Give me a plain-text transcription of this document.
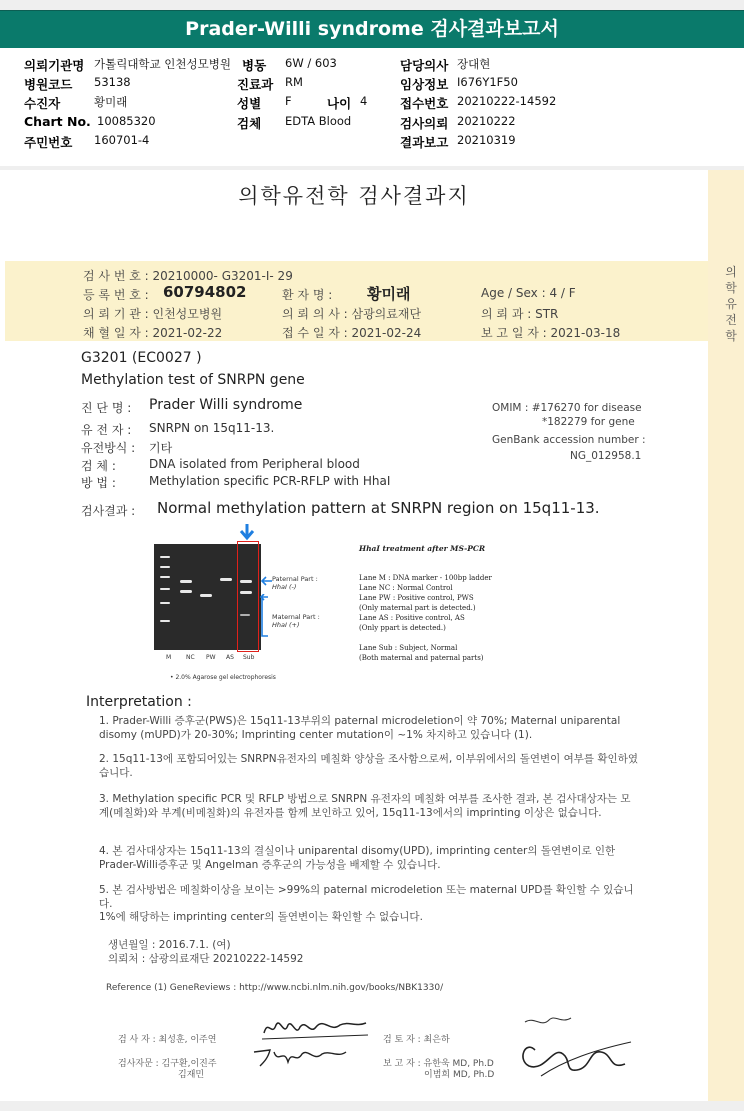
Prader-Willi syndrome 검사결과보고서
의뢰기관명 가톨릭대학교 인천성모병원 병동 6W / 603	담당의사 장대현
병원코드 53138	진료과 RM	임상정보 I676Y1F50
수진자	황미래	성별 F	나이 4	접수번호 20210222-14592
Chart No. 10085320	검체 EDTA Blood	검사의뢰 20210222
주민번호 160701-4	결과보고 20210319
의학유전학 검사결과지
검 사 번 호 : 20210000- G3201-I- 29
등 록 번 호 : 60794802	환 자 명 : 황미래	Age / Sex : 4 / F
의 뢰 기 관 : 인천성모병원	의 뢰 의 사 : 삼광의료재단	의 뢰 과 : STR
채 혈 일 자 : 2021-02-22	접 수 일 자 : 2021-02-24	보 고 일 자 : 2021-03-18
의
학
유
전
학
G3201 (EC0027 )
Methylation test of SNRPN gene
진 단 명 : Prader Willi syndrome
유 전 자 : SNRPN on 15q11-13.
유전방식 : 기타
검 체 :	DNA isolated from Peripheral blood
방 법 :	Methylation specific PCR-RFLP with HhaI
OMIM : #176270 for disease
*182279 for gene
GenBank accession number :
NG_012958.1
검사결과 : Normal methylation pattern at SNRPN region on 15q11-13.
M NC PW AS Sub
Paternal Part :
HhaI (-)
Maternal Part :
HhaI (+)
• 2.0% Agarose gel electrophoresis
HhaI treatment after MS-PCR
Lane M : DNA marker - 100bp ladder
Lane NC : Normal Control
Lane PW : Positive control, PWS
(Only maternal part is detected.)
Lane AS : Positive control, AS
(Only ppart is detected.)
Lane Sub : Subject, Normal
(Both maternal and paternal parts)
Interpretation :
1. Prader-Willi 증후군(PWS)은 15q11-13부위의 paternal microdeletion이 약 70%; Maternal uniparental disomy (mUPD)가 20-30%; Imprinting center mutation이 ~1% 차지하고 있습니다 (1).
2. 15q11-13에 포함되어있는 SNRPN유전자의 메칠화 양상을 조사함으로써, 이부위에서의 돌연변이 여부를 확인하였습니다.
3. Methylation specific PCR 및 RFLP 방법으로 SNRPN 유전자의 메칠화 여부를 조사한 결과, 본 검사대상자는 모계(메칠화)와 부계(비메칠화)의 유전자를 함께 보인하고 있어, 15q11-13에서의 imprinting 이상은 없습니다.
4. 본 검사대상자는 15q11-13의 결실이나 uniparental disomy(UPD), imprinting center의 돌연변이로 인한 Prader-Willi증후군 및 Angelman 증후군의 가능성을 배제할 수 있습니다.
5. 본 검사방법은 메칠화이상을 보이는 >99%의 paternal microdeletion 또는 maternal UPD를 확인할 수 있습니다.
1%에 해당하는 imprinting center의 돌연변이는 확인할 수 없습니다.
생년월일 : 2016.7.1. (여)
의뢰처 : 삼광의료재단 20210222-14592
Reference (1) GeneReviews : http://www.ncbi.nlm.nih.gov/books/NBK1330/
검 사 자 : 최성훈, 이주연	검 토 자 : 최은하
검사자문 : 김구환,이진주
김재민
보 고 자 : 유한욱 MD, Ph.D
이범희 MD, Ph.D
